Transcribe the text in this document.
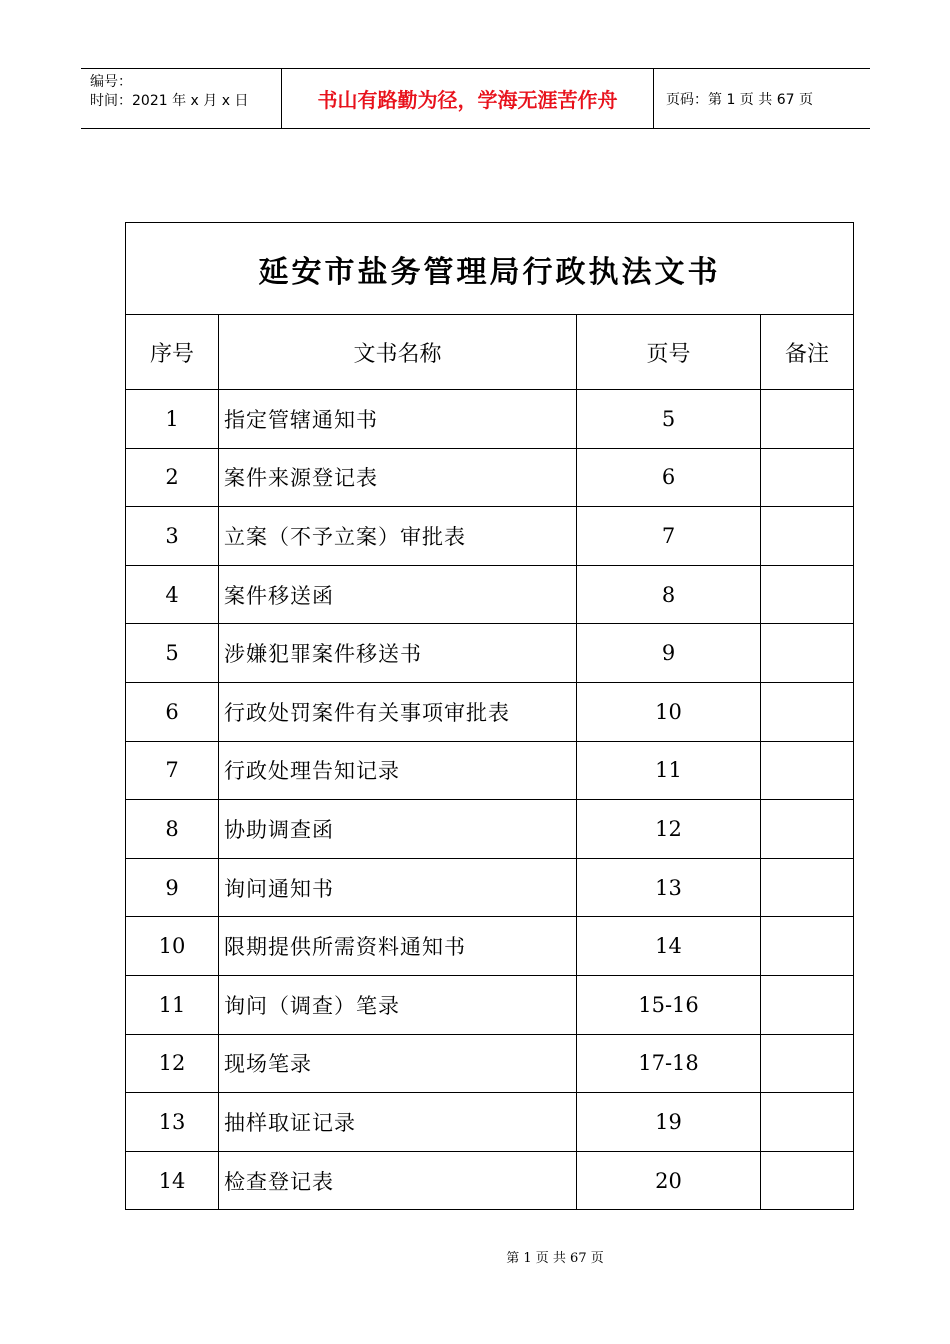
编号：
时间：2021 年 x 月 x 日	书山有路勤为径，学海无涯苦作舟	页码：第 1 页 共 67 页
延安市盐务管理局行政执法文书			
序号	文书名称	页号	备注
1	指定管辖通知书	5	
2	案件来源登记表	6	
3	立案（不予立案）审批表	7	
4	案件移送函	8	
5	涉嫌犯罪案件移送书	9	
6	行政处罚案件有关事项审批表	10	
7	行政处理告知记录	11	
8	协助调查函	12	
9	询问通知书	13	
10	限期提供所需资料通知书	14	
11	询问（调查）笔录	15-16	
12	现场笔录	17-18	
13	抽样取证记录	19	
14	检查登记表	20	
第 1 页 共 67 页
